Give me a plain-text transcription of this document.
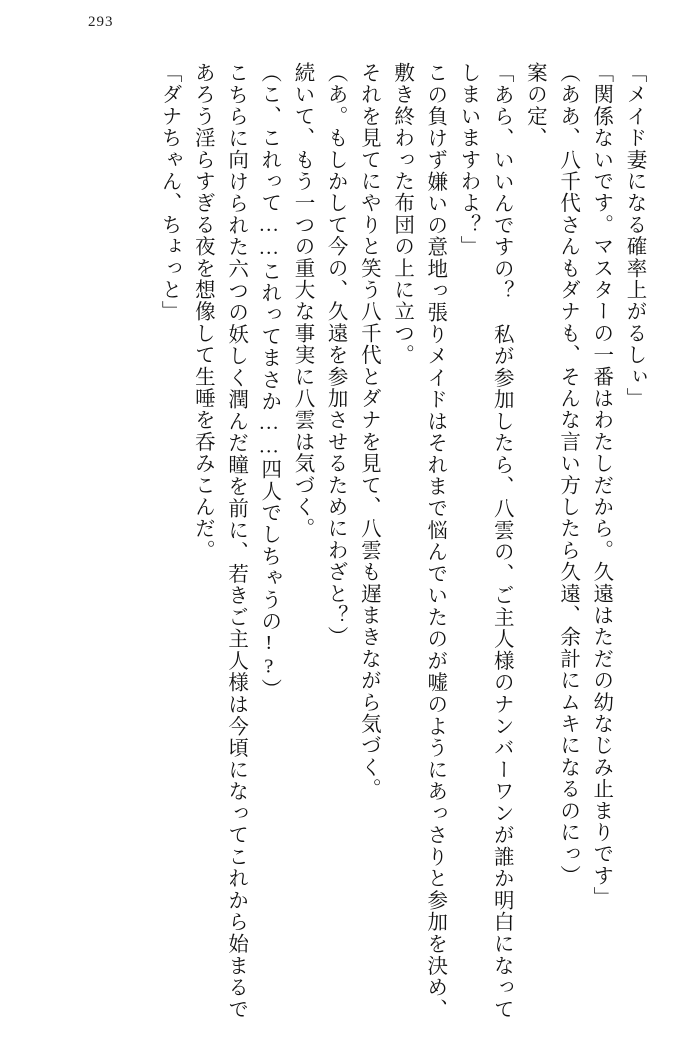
293

「メイド妻になる確率上がるしぃ」

「関係ないです。マスターの一番はわたしだから。久遠はただの幼なじみ止まりです」

（ああ、八千代さんもダナも、そんな言い方したら久遠、余計にムキになるのにっ）

案の定、

「あら、いいんですの？　私が参加したら、八雲の、ご主人様のナンバーワンが誰か明白になってしまいますわよ？」

この負けず嫌いの意地っ張りメイドはそれまで悩んでいたのが嘘のようにあっさりと参加を決め、敷き終わった布団の上に立つ。

それを見てにやりと笑う八千代とダナを見て、八雲も遅まきながら気づく。

（あ。もしかして今の、久遠を参加させるためにわざと？）

続いて、もう一つの重大な事実に八雲は気づく。

（こ、これって……これってまさか……四人でしちゃうの!?）

こちらに向けられた六つの妖しく潤んだ瞳を前に、若きご主人様は今頃になってこれから始まるであろう淫らすぎる夜を想像して生唾を呑みこんだ。

「ダナちゃん、ちょっと」
